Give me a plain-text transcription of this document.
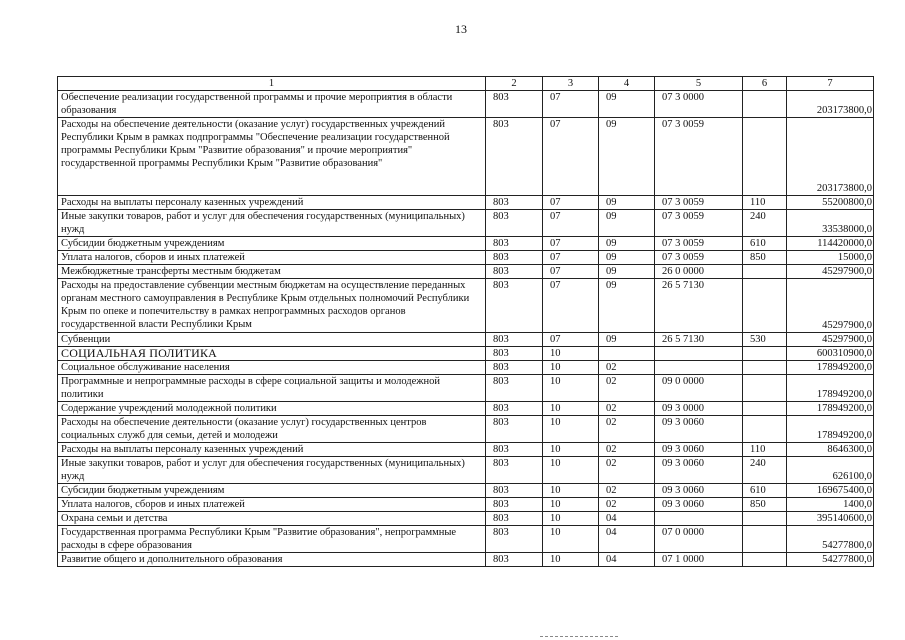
13
1	2	3	4	5	6	7
Обеспечение реализации государственной программы и прочие мероприятия в области образования	803	07	09	07 3 0000		203173800,0
Расходы на обеспечение деятельности (оказание услуг) государственных учреждений Республики Крым в рамках подпрограммы "Обеспечение реализации государственной программы Республики Крым "Развитие образования" и прочие мероприятия" государственной программы Республики Крым "Развитие образования"	803	07	09	07 3 0059		203173800,0
Расходы на выплаты персоналу казенных учреждений	803	07	09	07 3 0059	110	55200800,0
Иные закупки товаров, работ и услуг для обеспечения государственных (муниципальных) нужд	803	07	09	07 3 0059	240	33538000,0
Субсидии бюджетным учреждениям	803	07	09	07 3 0059	610	114420000,0
Уплата налогов, сборов и иных платежей	803	07	09	07 3 0059	850	15000,0
Межбюджетные трансферты местным бюджетам	803	07	09	26 0 0000		45297900,0
Расходы на предоставление субвенции местным бюджетам на осуществление переданных органам местного самоуправления в Республике Крым отдельных полномочий Республики Крым по опеке и попечительству в рамках непрограммных расходов органов государственной власти Республики Крым	803	07	09	26 5 7130		45297900,0
Субвенции	803	07	09	26 5 7130	530	45297900,0
СОЦИАЛЬНАЯ ПОЛИТИКА	803	10				600310900,0
Социальное обслуживание населения	803	10	02			178949200,0
Программные и непрограммные расходы в сфере социальной защиты и молодежной политики	803	10	02	09 0 0000		178949200,0
Содержание учреждений молодежной политики	803	10	02	09 3 0000		178949200,0
Расходы на обеспечение деятельности (оказание услуг) государственных центров социальных служб для семьи, детей и молодежи	803	10	02	09 3 0060		178949200,0
Расходы на выплаты персоналу казенных учреждений	803	10	02	09 3 0060	110	8646300,0
Иные закупки товаров, работ и услуг для обеспечения государственных (муниципальных) нужд	803	10	02	09 3 0060	240	626100,0
Субсидии бюджетным учреждениям	803	10	02	09 3 0060	610	169675400,0
Уплата налогов, сборов и иных платежей	803	10	02	09 3 0060	850	1400,0
Охрана семьи и детства	803	10	04			395140600,0
Государственная программа Республики Крым "Развитие образования", непрограммные расходы в сфере образования	803	10	04	07 0 0000		54277800,0
Развитие общего и дополнительного образования	803	10	04	07 1 0000		54277800,0
